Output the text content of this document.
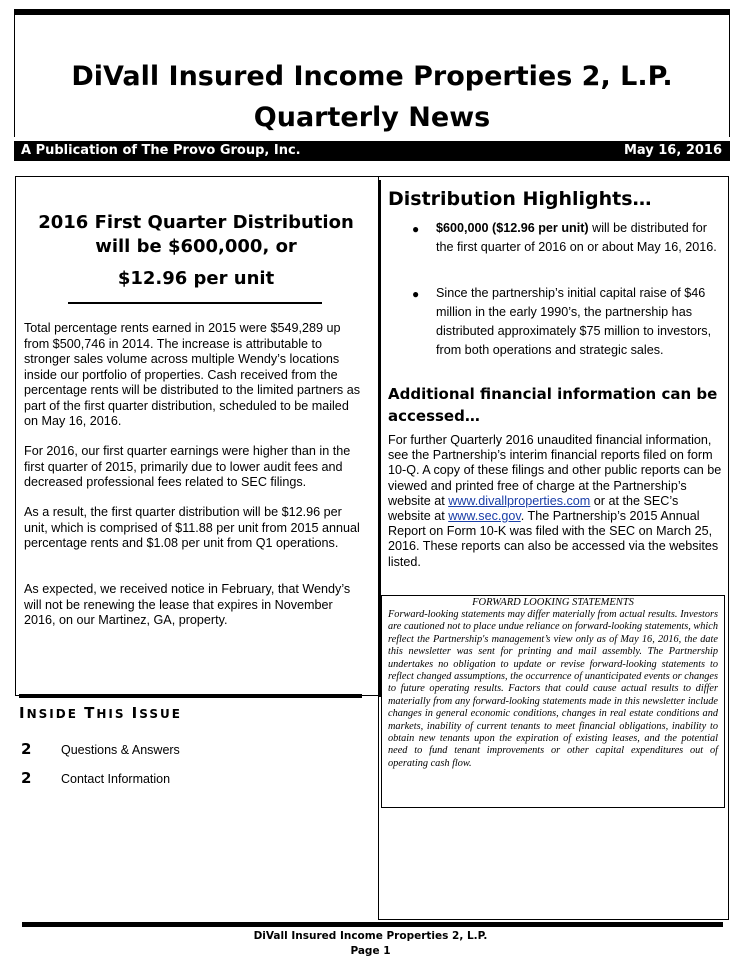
DiVall Insured Income Properties 2, L.P.
Quarterly News
A Publication of The Provo Group, Inc.	May 16, 2016
2016 First Quarter Distribution
will be $600,000, or
$12.96 per unit

Total percentage rents earned in 2015 were $549,289 up from $500,746 in 2014. The increase is attributable to stronger sales volume across multiple Wendy’s locations inside our portfolio of properties. Cash received from the percentage rents will be distributed to the limited partners as part of the first quarter distribution, scheduled to be mailed on May 16, 2016.

For 2016, our first quarter earnings were higher than in the first quarter of 2015, primarily due to lower audit fees and decreased professional fees related to SEC filings.

As a result, the first quarter distribution will be $12.96 per unit, which is comprised of $11.88 per unit from 2015 annual percentage rents and $1.08 per unit from Q1 operations.

As expected, we received notice in February, that Wendy’s will not be renewing the lease that expires in November 2016, on our Martinez, GA, property.

INSIDE THIS ISSUE
2 Questions & Answers
2 Contact Information
Distribution Highlights…
● $600,000 ($12.96 per unit) will be distributed for the first quarter of 2016 on or about May 16, 2016.

● Since the partnership’s initial capital raise of $46 million in the early 1990’s, the partnership has distributed approximately $75 million to investors, from both operations and strategic sales.

Additional financial information can be accessed…

For further Quarterly 2016 unaudited financial information, see the Partnership’s interim financial reports filed on form 10-Q. A copy of these filings and other public reports can be viewed and printed free of charge at the Partnership’s website at www.divallproperties.com or at the SEC’s website at www.sec.gov. The Partnership’s 2015 Annual Report on Form 10-K was filed with the SEC on March 25, 2016. These reports can also be accessed via the websites listed.

FORWARD LOOKING STATEMENTS

Forward-looking statements may differ materially from actual results. Investors are cautioned not to place undue reliance on forward-looking statements, which reflect the Partnership's management’s view only as of May 16, 2016, the date this newsletter was sent for printing and mail assembly. The Partnership undertakes no obligation to update or revise forward-looking statements to reflect changed assumptions, the occurrence of unanticipated events or changes to future operating results. Factors that could cause actual results to differ materially from any forward-looking statements made in this newsletter include changes in general economic conditions, changes in real estate conditions and markets, inability of current tenants to meet financial obligations, inability to obtain new tenants upon the expiration of existing leases, and the potential need to fund tenant improvements or other capital expenditures out of operating cash flow.

DiVall Insured Income Properties 2, L.P.
Page 1
